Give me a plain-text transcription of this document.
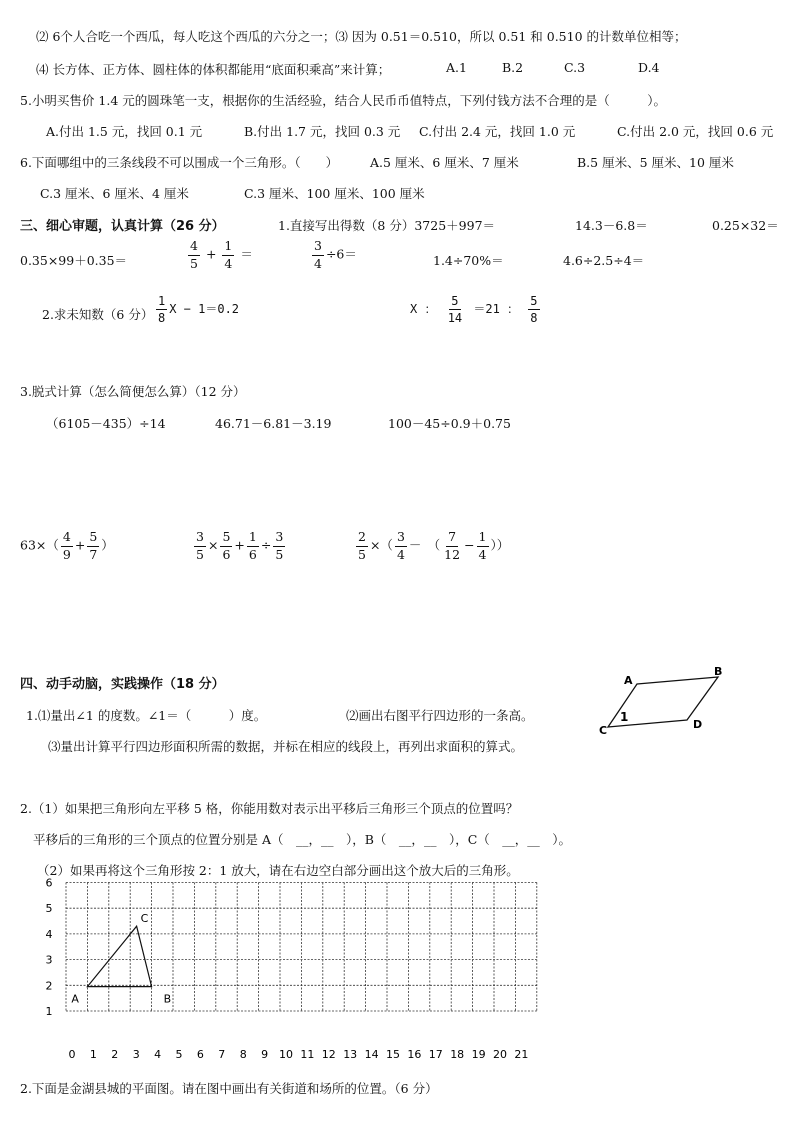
⑵ 6个人合吃一个西瓜，每人吃这个西瓜的六分之一；⑶ 因为 0.51＝0.510，所以 0.51 和 0.510 的计数单位相等；
⑷ 长方体、正方体、圆柱体的体积都能用“底面积乘高”来计算；	A.1	B.2	C.3	D.4
5.小明买售价 1.4 元的圆珠笔一支，根据你的生活经验，结合人民币币值特点，下列付钱方法不合理的是（　　　）。
A.付出 1.5 元，找回 0.1 元	B.付出 1.7 元，找回 0.3 元 C.付出 2.4 元，找回 1.0 元	C.付出 2.0 元，找回 0.6 元
6.下面哪组中的三条线段不可以围成一个三角形。（　　）	A.5 厘米、6 厘米、7 厘米	B.5 厘米、5 厘米、10 厘米
C.3 厘米、6 厘米、4 厘米	C.3 厘米、100 厘米、100 厘米
三、细心审题，认真计算（26 分）	1.直接写出得数（8 分）3725＋997＝	14.3－6.8＝	0.25×32＝
0.35×99＋0.35＝	$\frac{4}{5} + \frac{1}{4}$ ＝	$\frac{3}{4} \div 6=$	1.4÷70%＝	4.6÷2.5÷4＝
2.求未知数（6 分） $\frac{1}{8}$ X − 1＝0.2	X ： $\frac{5}{14} =21$ ： $\frac{5}{8}$
3.脱式计算（怎么简便怎么算）（12 分）
（6105－435）÷14	46.71－6.81－3.19	100－45÷0.9＋0.75
$63\times( \frac{4}{9} + \frac{5}{7}$ ）	$\frac{3}{5} \times \frac{5}{6} + \frac{1}{6} \div \frac{3}{5}$	$\frac{2}{5}$ ×（ $\frac{3}{4}$ －　（ $\frac{7}{12} - \frac{1}{4}$ ））
四、动手动脑，实践操作（18 分）
1.⑴量出∠1 的度数。∠1＝（　　　）度。	⑵画出右图平行四边形的一条高。
⑶量出计算平行四边形面积所需的数据，并标在相应的线段上，再列出求面积的算式。
A
B
C	D
1
2.（1）如果把三角形向左平移 5 格，你能用数对表示出平移后三角形三个顶点的位置吗？
平移后的三角形的三个顶点的位置分别是 A（　__，__　），B（　__，__　），C（　__，__　）。
（2）如果再将这个三角形按 2：1 放大，请在右边空白部分画出这个放大后的三角形。
0 1 2 3 4 5 6 7 8 9 10 11 12 13 14 15 16 17 18 19 20 21
1
2
3
4
5
6
A	B
C
2.下面是金湖县城的平面图。请在图中画出有关街道和场所的位置。（6 分）
